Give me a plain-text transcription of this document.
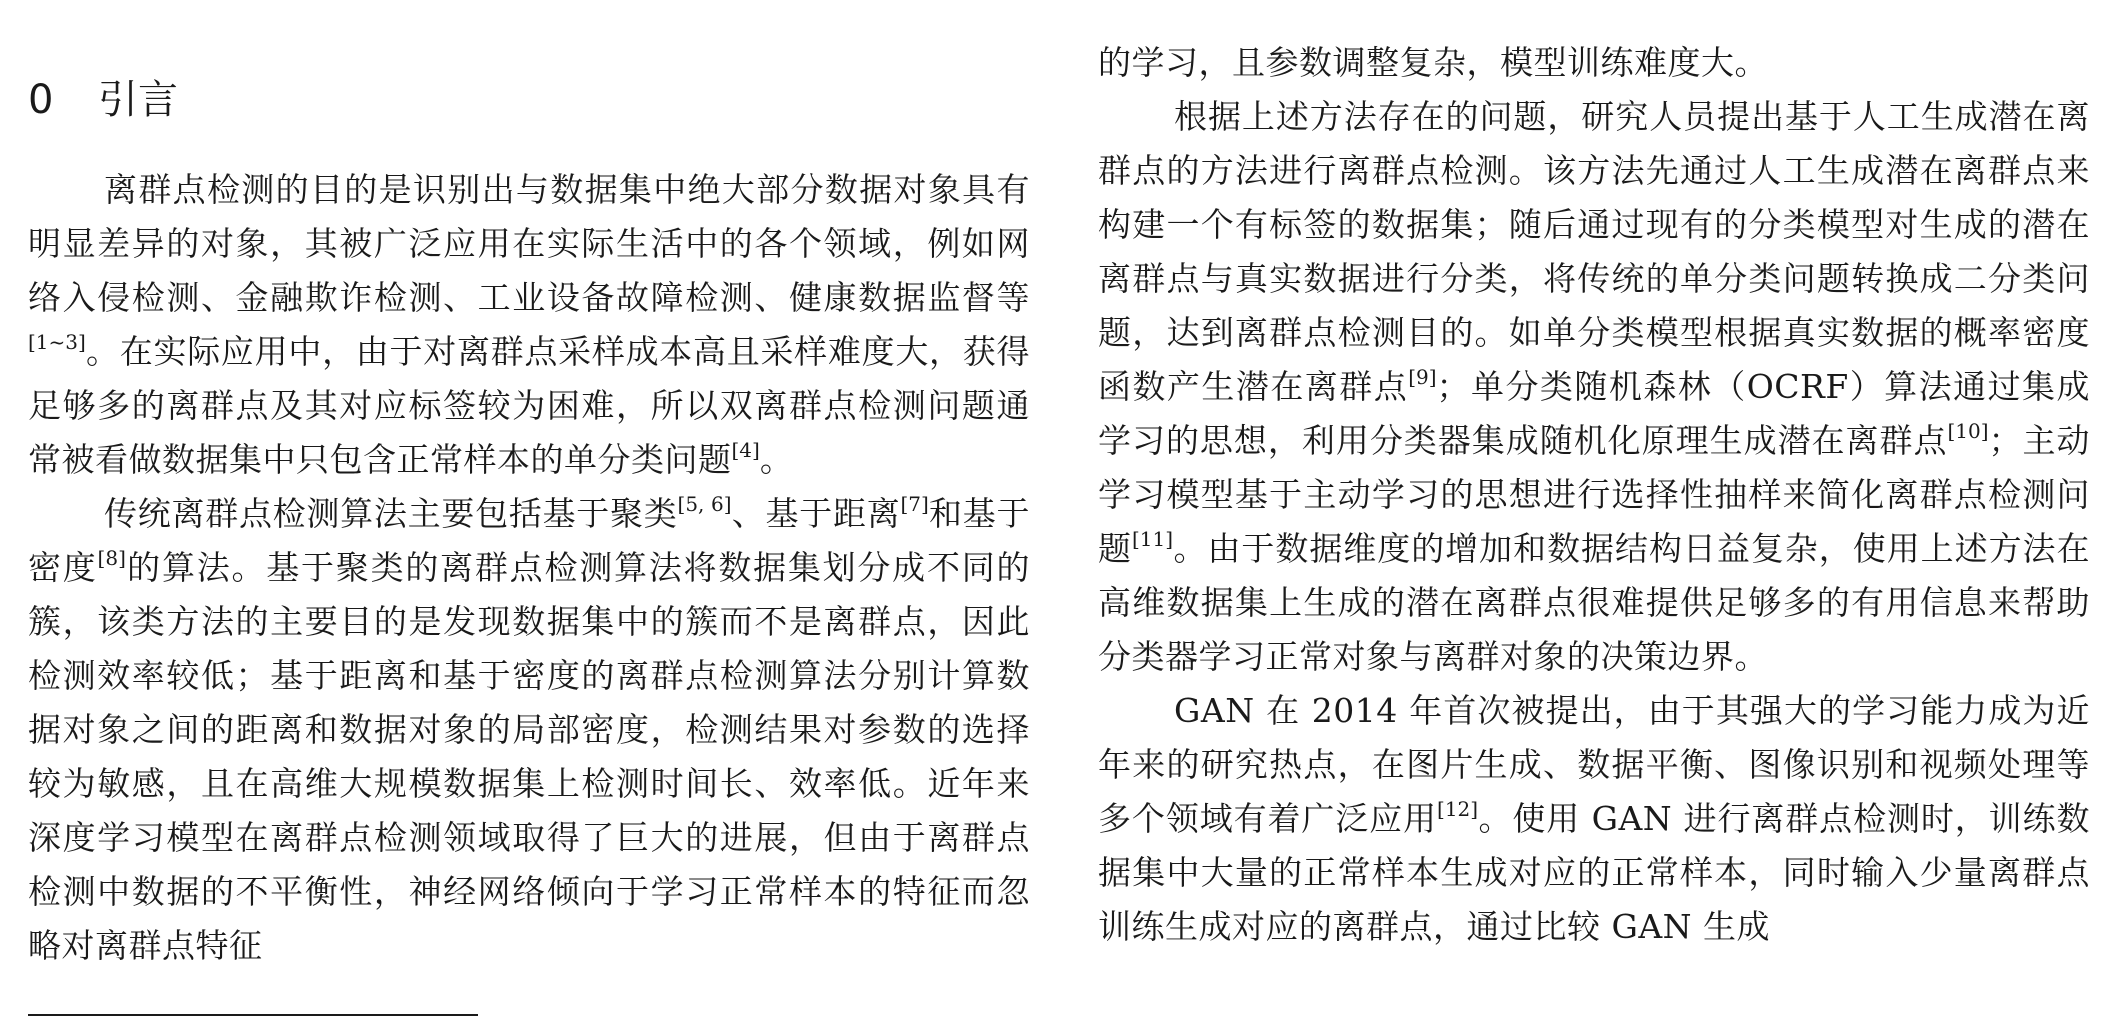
0 引言

离群点检测的目的是识别出与数据集中绝大部分数据对象具有明显差异的对象，其被广泛应用在实际生活中的各个领域，例如网络入侵检测、金融欺诈检测、工业设备故障检测、健康数据监督等[1~3]。在实际应用中，由于对离群点采样成本高且采样难度大，获得足够多的离群点及其对应标签较为困难，所以双离群点检测问题通常被看做数据集中只包含正常样本的单分类问题[4]。

传统离群点检测算法主要包括基于聚类[5, 6]、基于距离[7]和基于密度[8]的算法。基于聚类的离群点检测算法将数据集划分成不同的簇，该类方法的主要目的是发现数据集中的簇而不是离群点，因此检测效率较低；基于距离和基于密度的离群点检测算法分别计算数据对象之间的距离和数据对象的局部密度，检测结果对参数的选择较为敏感，且在高维大规模数据集上检测时间长、效率低。近年来深度学习模型在离群点检测领域取得了巨大的进展，但由于离群点检测中数据的不平衡性，神经网络倾向于学习正常样本的特征而忽略对离群点特征

的学习，且参数调整复杂，模型训练难度大。

根据上述方法存在的问题，研究人员提出基于人工生成潜在离群点的方法进行离群点检测。该方法先通过人工生成潜在离群点来构建一个有标签的数据集；随后通过现有的分类模型对生成的潜在离群点与真实数据进行分类，将传统的单分类问题转换成二分类问题，达到离群点检测目的。如单分类模型根据真实数据的概率密度函数产生潜在离群点[9]；单分类随机森林（OCRF）算法通过集成学习的思想，利用分类器集成随机化原理生成潜在离群点[10]；主动学习模型基于主动学习的思想进行选择性抽样来简化离群点检测问题[11]。由于数据维度的增加和数据结构日益复杂，使用上述方法在高维数据集上生成的潜在离群点很难提供足够多的有用信息来帮助分类器学习正常对象与离群对象的决策边界。

GAN 在 2014 年首次被提出，由于其强大的学习能力成为近年来的研究热点，在图片生成、数据平衡、图像识别和视频处理等多个领域有着广泛应用[12]。使用 GAN 进行离群点检测时，训练数据集中大量的正常样本生成对应的正常样本，同时输入少量离群点训练生成对应的离群点，通过比较 GAN 生成
